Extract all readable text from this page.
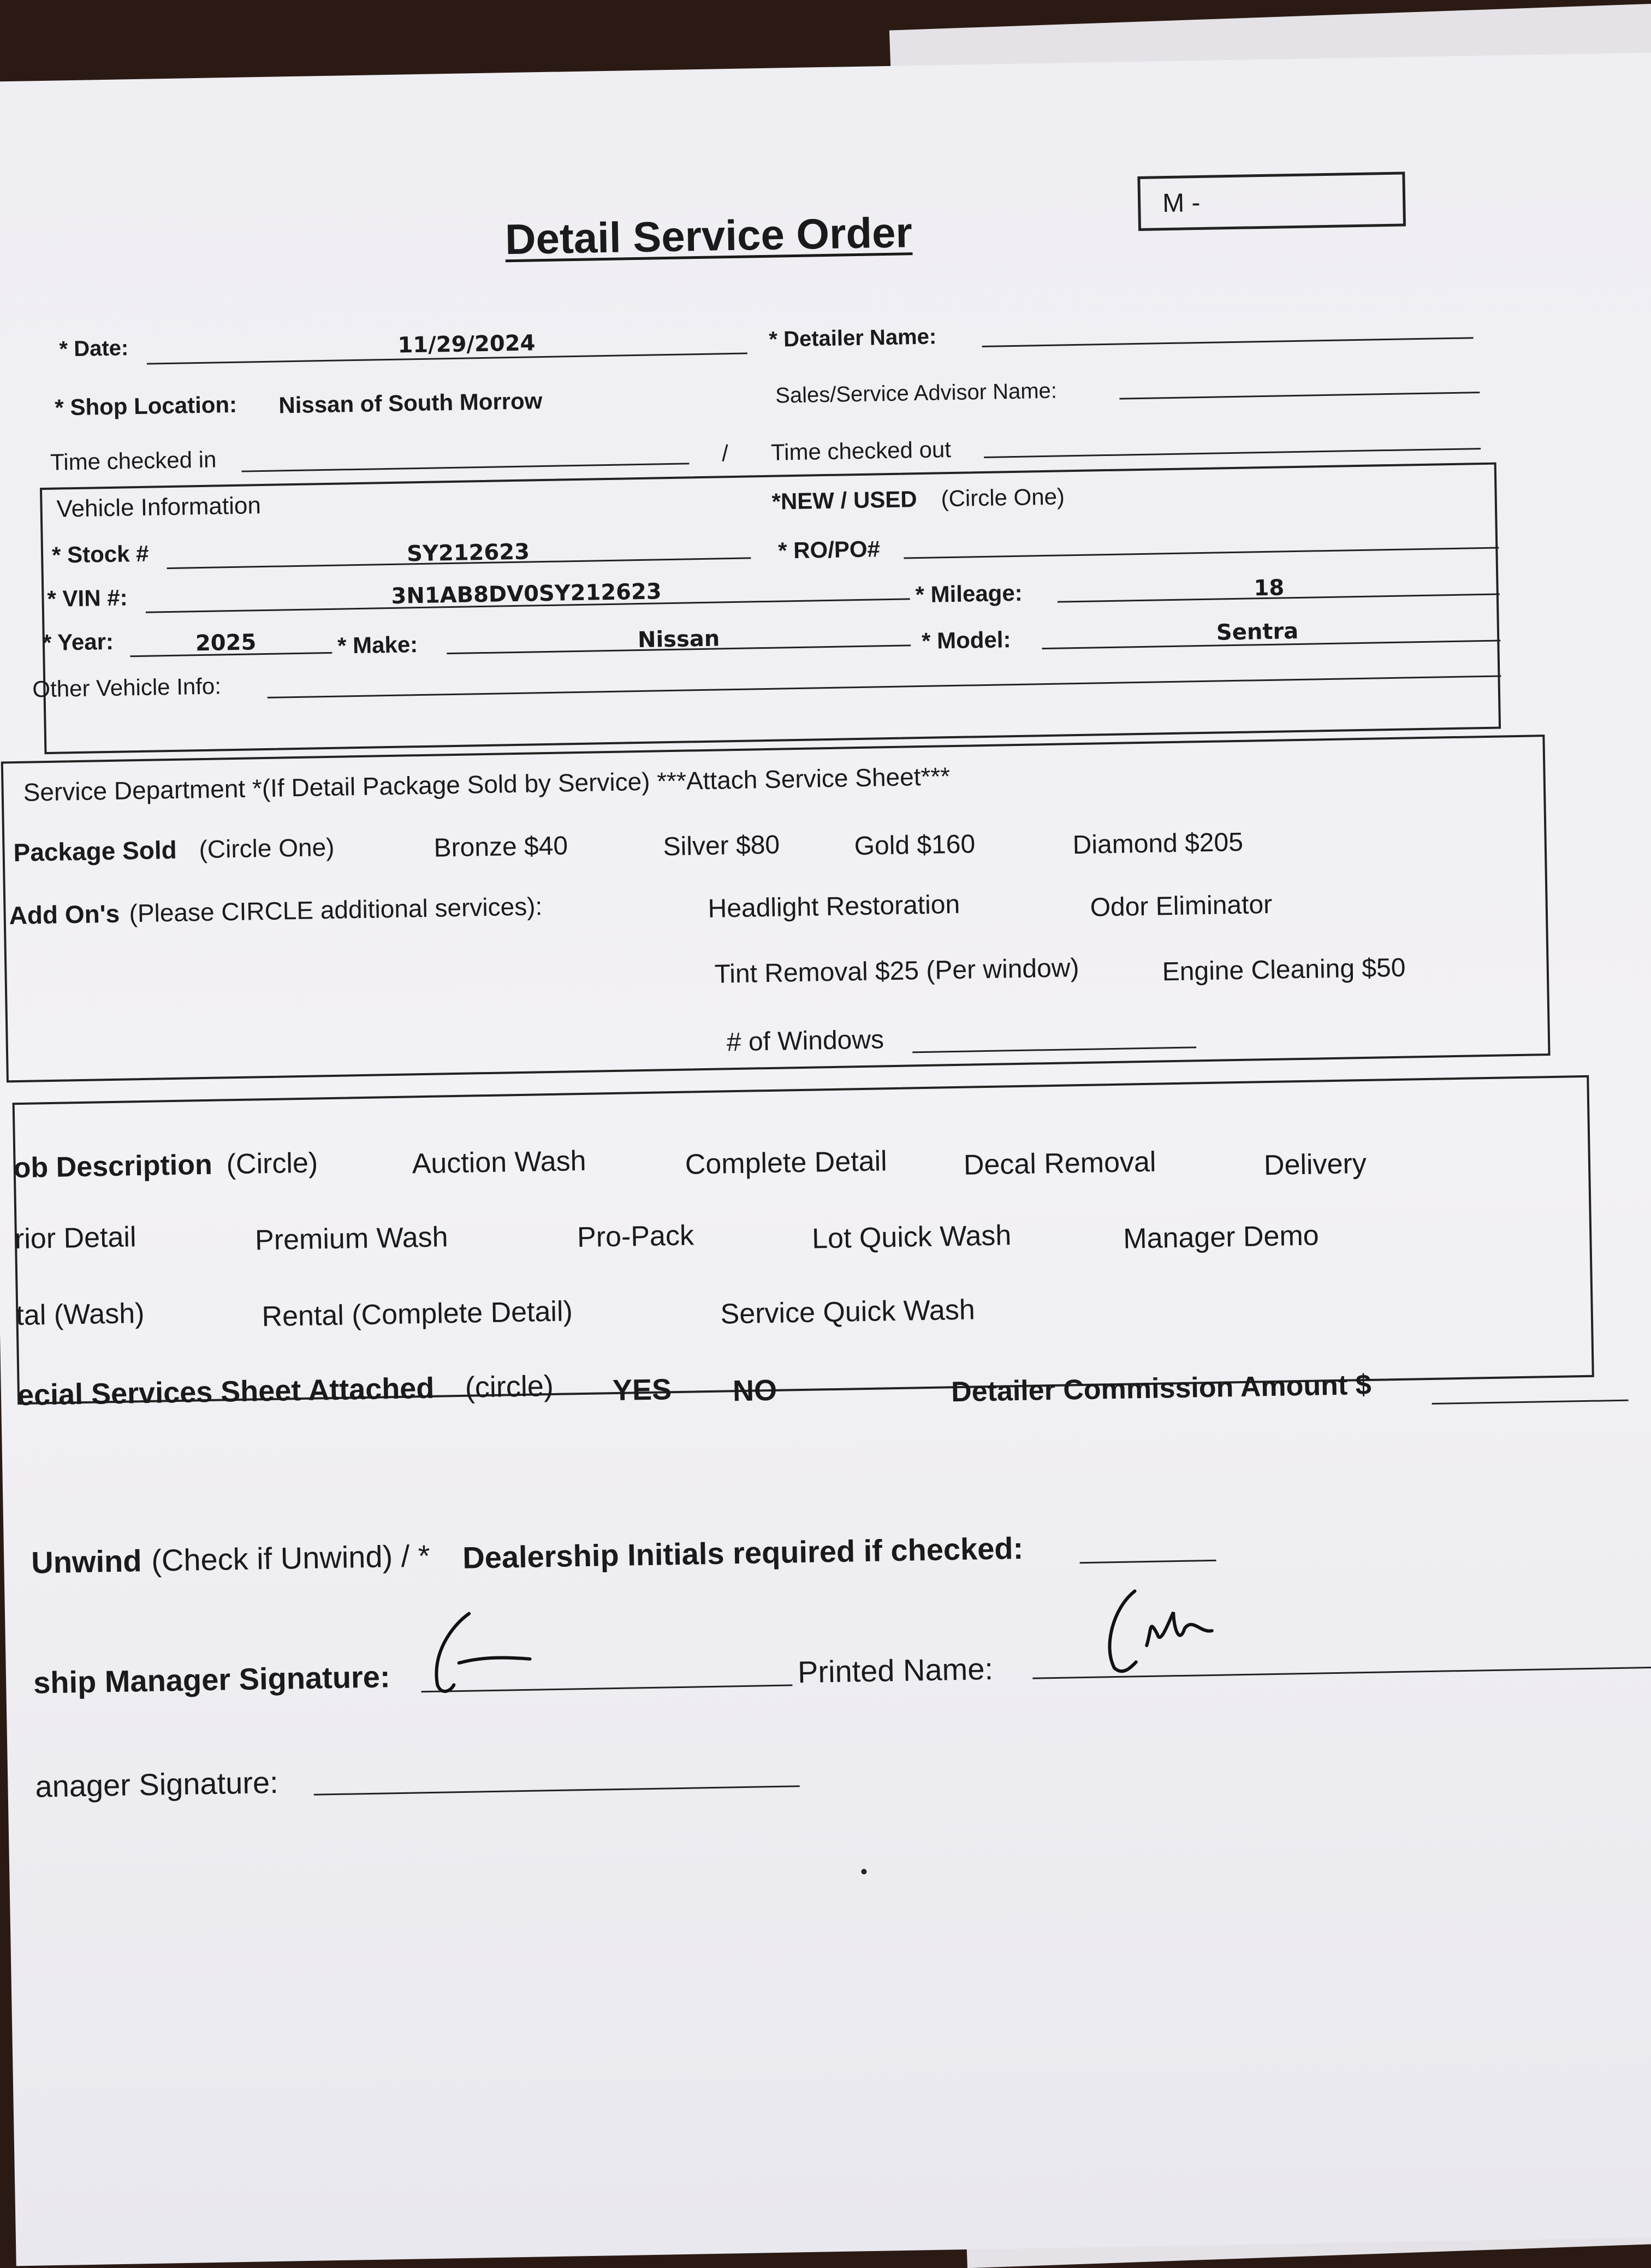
Detail Service Order
M -
* Date:	11/29/2024	* Detailer Name:
* Shop Location: Nissan of South Morrow	Sales/Service Advisor Name:
Time checked in	/ Time checked out
Vehicle Information	*NEW / USED (Circle One)
* Stock #	SY212623	* RO/PO#
* VIN #:	3N1AB8DV0SY212623	* Mileage:	18
* Year:	2025	* Make:	Nissan	* Model:	Sentra
Other Vehicle Info:
Service Department *(If Detail Package Sold by Service) ***Attach Service Sheet***
Package Sold (Circle One)	Bronze $40	Silver $80	Gold $160	Diamond $205
Add On's (Please CIRCLE additional services):	Headlight Restoration	Odor Eliminator
Tint Removal $25 (Per window)	Engine Cleaning $50
# of Windows
ob Description (Circle)	Auction Wash	Complete Detail	Decal Removal	Delivery
rior Detail	Premium Wash	Pro-Pack	Lot Quick Wash	Manager Demo
tal (Wash)	Rental (Complete Detail)	Service Quick Wash
ecial Services Sheet Attached (circle) YES NO	Detailer Commission Amount $
Unwind (Check if Unwind) / * Dealership Initials required if checked:
ship Manager Signature:	Printed Name:
anager Signature:
